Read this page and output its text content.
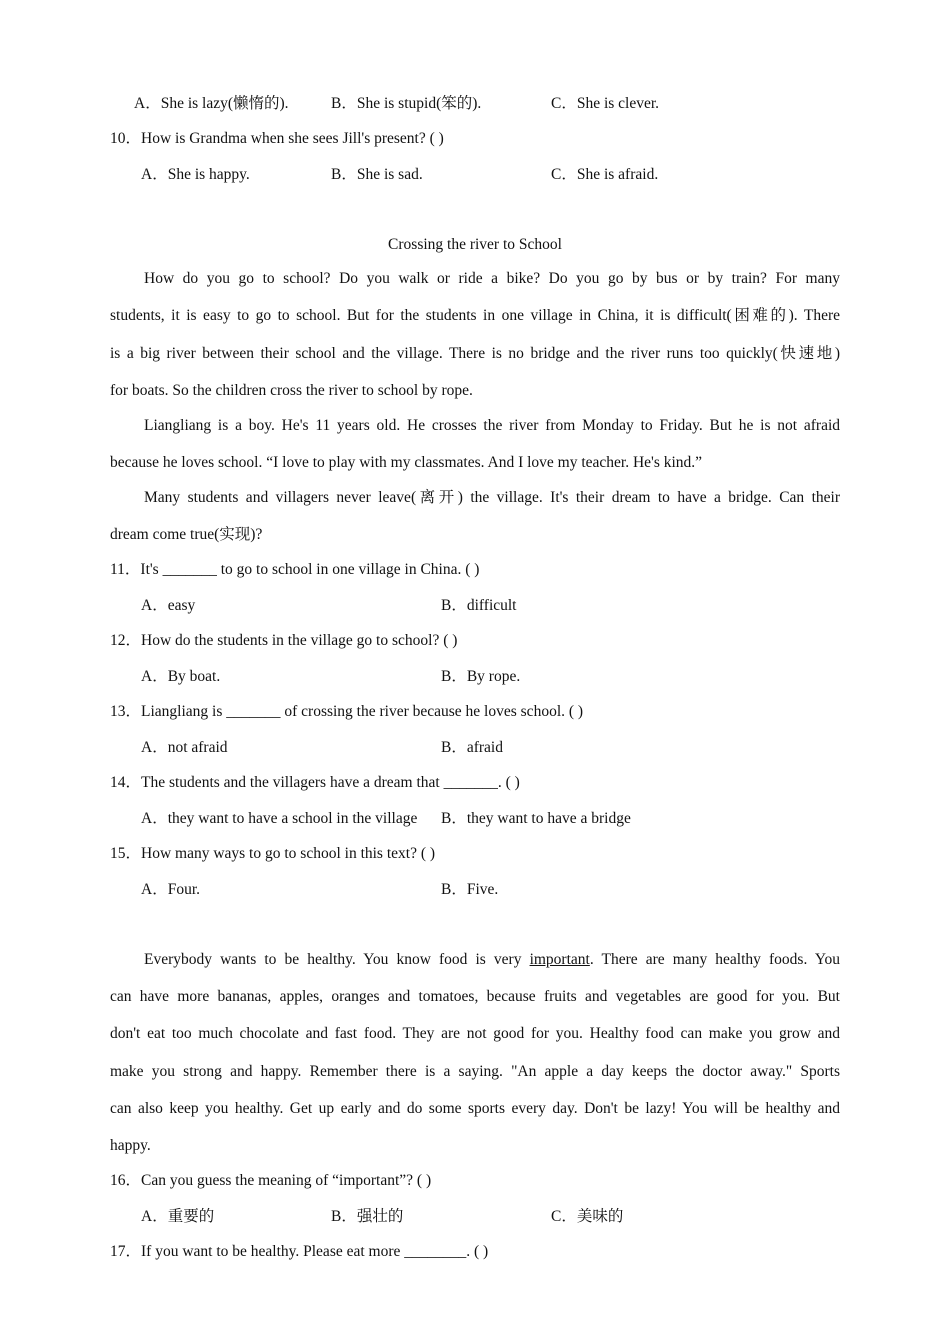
A．She is lazy(懒惰的).	B．She is stupid(笨的).	C．She is clever.
10．How is Grandma when she sees Jill's present? ( )
A．She is happy.	B．She is sad.	C．She is afraid.
Crossing the river to School
How do you go to school? Do you walk or ride a bike? Do you go by bus or by train? For many
students, it is easy to go to school. But for the students in one village in China, it is difficult(困难的). There
is a big river between their school and the village. There is no bridge and the river runs too quickly(快速地)
for boats. So the children cross the river to school by rope.
Liangliang is a boy. He's 11 years old. He crosses the river from Monday to Friday. But he is not afraid
because he loves school. “I love to play with my classmates. And I love my teacher. He's kind.”
Many students and villagers never leave(离开) the village. It's their dream to have a bridge. Can their
dream come true(实现)?
11．It's _______ to go to school in one village in China. ( )
A．easy	B．difficult
12．How do the students in the village go to school? ( )
A．By boat.	B．By rope.
13．Liangliang is _______ of crossing the river because he loves school. ( )
A．not afraid	B．afraid
14．The students and the villagers have a dream that _______. ( )
A．they want to have a school in the village	B．they want to have a bridge
15．How many ways to go to school in this text? ( )
A．Four.	B．Five.
Everybody wants to be healthy. You know food is very important. There are many healthy foods. You
can have more bananas, apples, oranges and tomatoes, because fruits and vegetables are good for you. But
don't eat too much chocolate and fast food. They are not good for you. Healthy food can make you grow and
make you strong and happy. Remember there is a saying. "An apple a day keeps the doctor away." Sports
can also keep you healthy. Get up early and do some sports every day. Don't be lazy! You will be healthy and
happy.
16．Can you guess the meaning of “important”? ( )
A．重要的	B．强壮的	C．美味的
17．If you want to be healthy. Please eat more ________. ( )
